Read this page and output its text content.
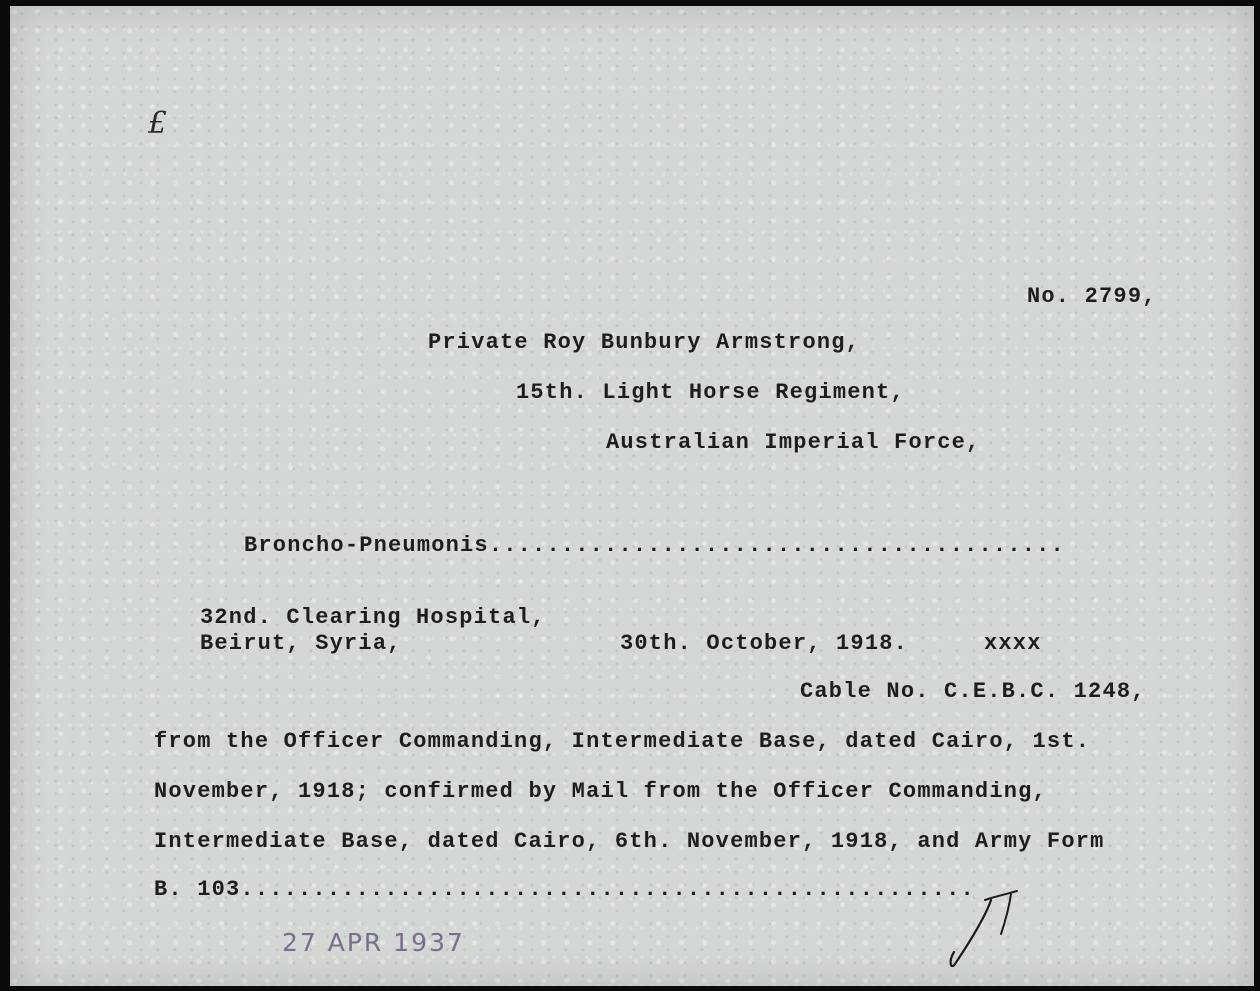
£
No. 2799,
Private Roy Bunbury Armstrong,
15th. Light Horse Regiment,
Australian Imperial Force,
Broncho-Pneumonis........................................
32nd. Clearing Hospital,
Beirut, Syria,	30th. October, 1918.	xxxx
Cable No. C.E.B.C. 1248,
from the Officer Commanding, Intermediate Base, dated Cairo, 1st.
November, 1918; confirmed by Mail from the Officer Commanding,
Intermediate Base, dated Cairo, 6th. November, 1918, and Army Form
B. 103...................................................
27 APR 1937
